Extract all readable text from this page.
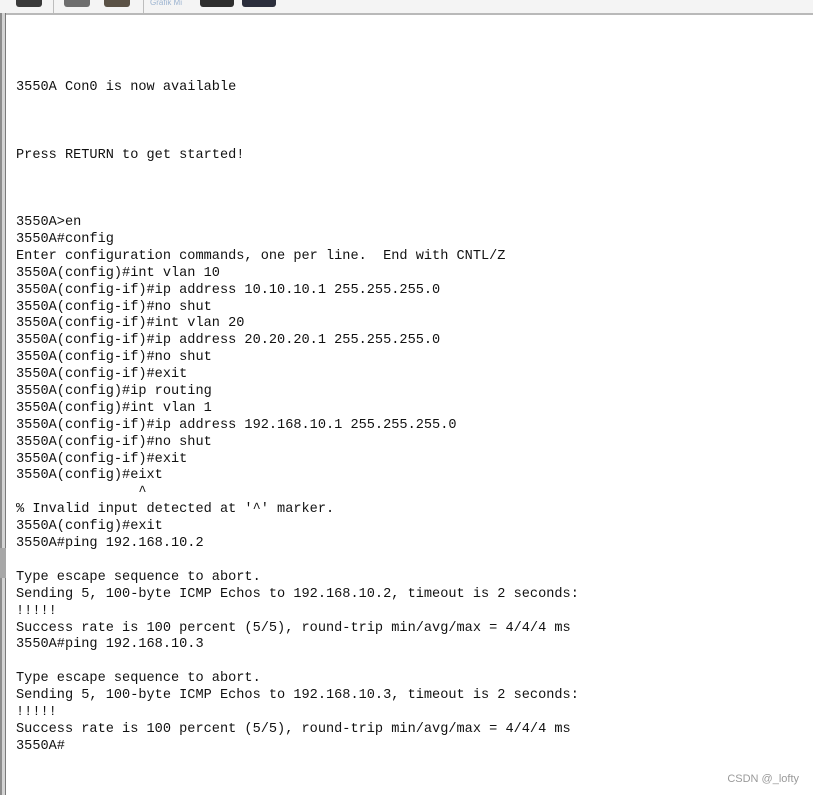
Grafik Mi
3550A Con0 is now available
Press RETURN to get started!
3550A>en
3550A#config
Enter configuration commands, one per line.  End with CNTL/Z
3550A(config)#int vlan 10
3550A(config-if)#ip address 10.10.10.1 255.255.255.0
3550A(config-if)#no shut
3550A(config-if)#int vlan 20
3550A(config-if)#ip address 20.20.20.1 255.255.255.0
3550A(config-if)#no shut
3550A(config-if)#exit
3550A(config)#ip routing
3550A(config)#int vlan 1
3550A(config-if)#ip address 192.168.10.1 255.255.255.0
3550A(config-if)#no shut
3550A(config-if)#exit
3550A(config)#eixt
^
% Invalid input detected at '^' marker.
3550A(config)#exit
3550A#ping 192.168.10.2
Type escape sequence to abort.
Sending 5, 100-byte ICMP Echos to 192.168.10.2, timeout is 2 seconds:
!!!!!
Success rate is 100 percent (5/5), round-trip min/avg/max = 4/4/4 ms
3550A#ping 192.168.10.3
Type escape sequence to abort.
Sending 5, 100-byte ICMP Echos to 192.168.10.3, timeout is 2 seconds:
!!!!!
Success rate is 100 percent (5/5), round-trip min/avg/max = 4/4/4 ms
3550A#
CSDN @_lofty
